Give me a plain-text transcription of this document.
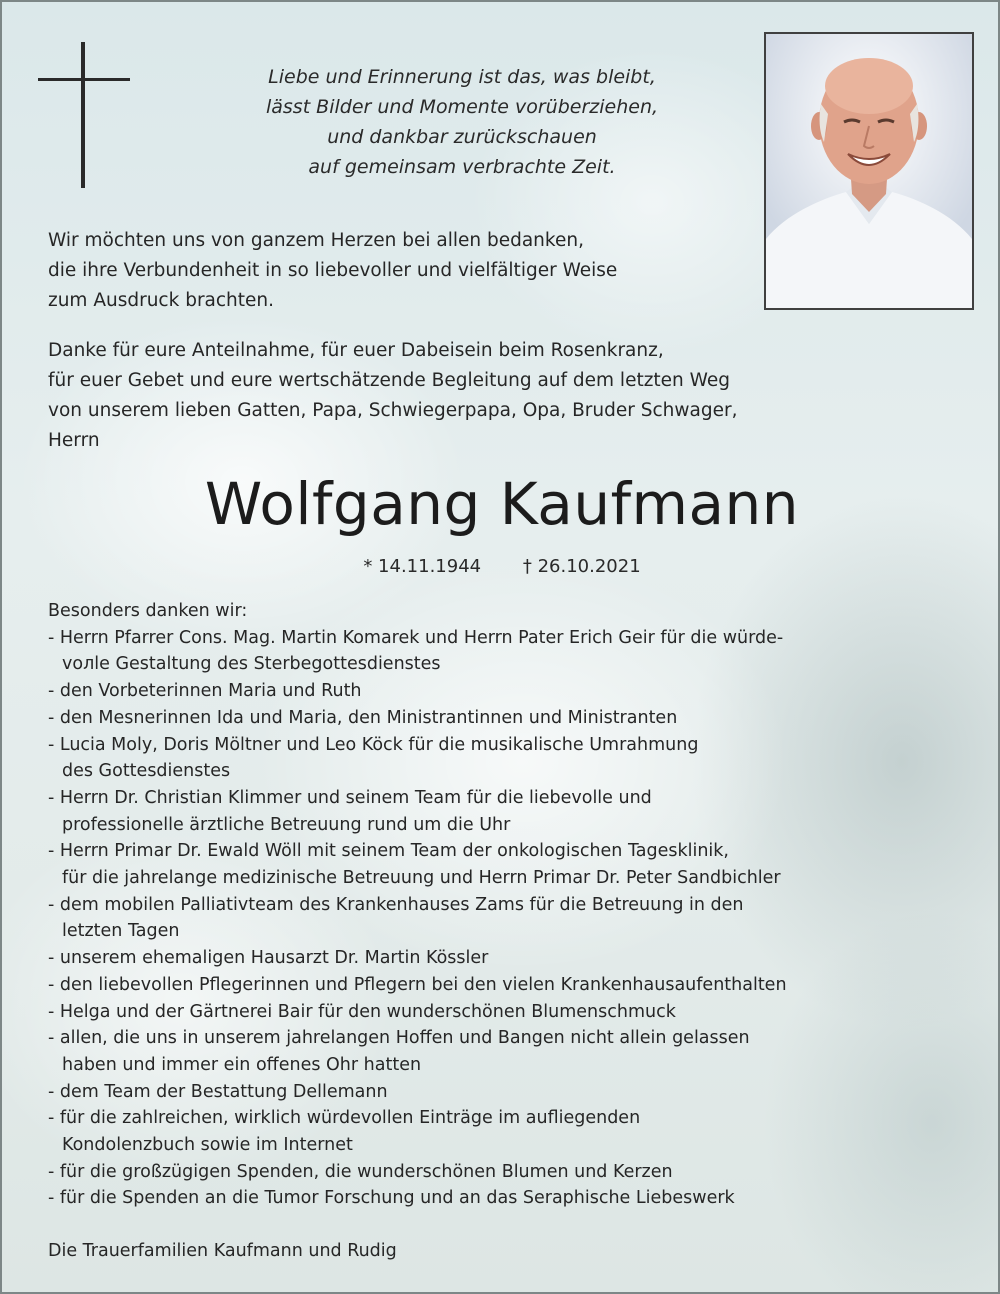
Liebe und Erinnerung ist das, was bleibt,
lässt Bilder und Momente vorüberziehen,
und dankbar zurückschauen
auf gemeinsam verbrachte Zeit.
Wir möchten uns von ganzem Herzen bei allen bedanken,
die ihre Verbundenheit in so liebevoller und vielfältiger Weise
zum Ausdruck brachten.
Danke für eure Anteilnahme, für euer Dabeisein beim Rosenkranz,
für euer Gebet und eure wertschätzende Begleitung auf dem letzten Weg
von unserem lieben Gatten, Papa, Schwiegerpapa, Opa, Bruder Schwager,
Herrn
Wolfgang Kaufmann
* 14.11.1944 † 26.10.2021
Besonders danken wir:
- Herrn Pfarrer Cons. Mag. Martin Komarek und Herrn Pater Erich Geir für die würde-
vолle Gestaltung des Sterbegottesdienstes
- den Vorbeterinnen Maria und Ruth
- den Mesnerinnen Ida und Maria, den Ministrantinnen und Ministranten
- Lucia Moly, Doris Möltner und Leo Köck für die musikalische Umrahmung
des Gottesdienstes
- Herrn Dr. Christian Klimmer und seinem Team für die liebevolle und
professionelle ärztliche Betreuung rund um die Uhr
- Herrn Primar Dr. Ewald Wöll mit seinem Team der onkologischen Tagesklinik,
für die jahrelange medizinische Betreuung und Herrn Primar Dr. Peter Sandbichler
- dem mobilen Palliativteam des Krankenhauses Zams für die Betreuung in den
letzten Tagen
- unserem ehemaligen Hausarzt Dr. Martin Kössler
- den liebevollen Pflegerinnen und Pflegern bei den vielen Krankenhausaufenthalten
- Helga und der Gärtnerei Bair für den wunderschönen Blumenschmuck
- allen, die uns in unserem jahrelangen Hoffen und Bangen nicht allein gelassen
haben und immer ein offenes Ohr hatten
- dem Team der Bestattung Dellemann
- für die zahlreichen, wirklich würdevollen Einträge im aufliegenden
Kondolenzbuch sowie im Internet
- für die großzügigen Spenden, die wunderschönen Blumen und Kerzen
- für die Spenden an die Tumor Forschung und an das Seraphische Liebeswerk
Die Trauerfamilien Kaufmann und Rudig
